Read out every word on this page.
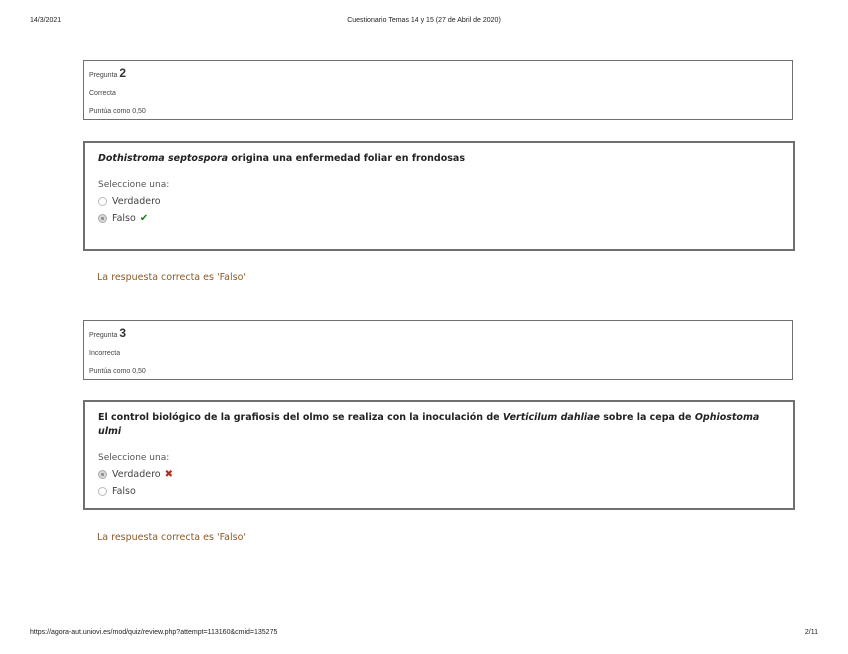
14/3/2021	Cuestionario Temas 14 y 15 (27 de Abril de 2020)
Pregunta 2
Correcta
Puntúa como 0,50
Dothistroma septospora origina una enfermedad foliar en frondosas
Seleccione una:
Verdadero
Falso ✔
La respuesta correcta es 'Falso'
Pregunta 3
Incorrecta
Puntúa como 0,50
El control biológico de la grafiosis del olmo se realiza con la inoculación de Verticilum dahliae sobre la cepa de Ophiostoma ulmi
Seleccione una:
Verdadero ✖
Falso
La respuesta correcta es 'Falso'
https://agora-aut.uniovi.es/mod/quiz/review.php?attempt=113160&cmid=135275	2/11
